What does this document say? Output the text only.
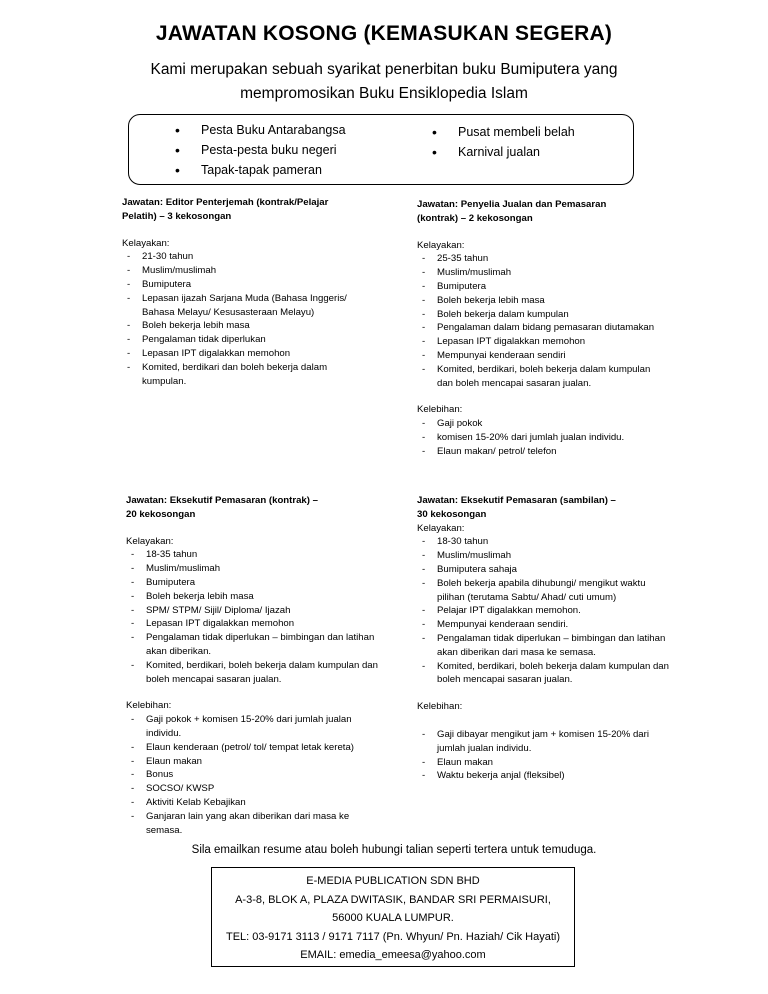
JAWATAN KOSONG (KEMASUKAN SEGERA)
Kami merupakan sebuah syarikat penerbitan buku Bumiputera yang
mempromosikan Buku Ensiklopedia Islam
• Pesta Buku Antarabangsa
• Pesta-pesta buku negeri
• Tapak-tapak pameran
• Pusat membeli belah
• Karnival jualan
Jawatan: Editor Penterjemah (kontrak/Pelajar
Pelatih) – 3 kekosongan
Kelayakan:
- 21-30 tahun
- Muslim/muslimah
- Bumiputera
- Lepasan ijazah Sarjana Muda (Bahasa Inggeris/ Bahasa Melayu/ Kesusasteraan Melayu)
- Boleh bekerja lebih masa
- Pengalaman tidak diperlukan
- Lepasan IPT digalakkan memohon
- Komited, berdikari dan boleh bekerja dalam kumpulan.
Jawatan: Penyelia Jualan dan Pemasaran
(kontrak) – 2 kekosongan
Kelayakan:
- 25-35 tahun
- Muslim/muslimah
- Bumiputera
- Boleh bekerja lebih masa
- Boleh bekerja dalam kumpulan
- Pengalaman dalam bidang pemasaran diutamakan
- Lepasan IPT digalakkan memohon
- Mempunyai kenderaan sendiri
- Komited, berdikari, boleh bekerja dalam kumpulan dan boleh mencapai sasaran jualan.
Kelebihan:
- Gaji pokok
- komisen 15-20% dari jumlah jualan individu.
- Elaun makan/ petrol/ telefon
Jawatan: Eksekutif Pemasaran (kontrak) –
20 kekosongan
Kelayakan:
- 18-35 tahun
- Muslim/muslimah
- Bumiputera
- Boleh bekerja lebih masa
- SPM/ STPM/ Sijil/ Diploma/ Ijazah
- Lepasan IPT digalakkan memohon
- Pengalaman tidak diperlukan – bimbingan dan latihan akan diberikan.
- Komited, berdikari, boleh bekerja dalam kumpulan dan boleh mencapai sasaran jualan.
Kelebihan:
- Gaji pokok + komisen 15-20% dari jumlah jualan individu.
- Elaun kenderaan (petrol/ tol/ tempat letak kereta)
- Elaun makan
- Bonus
- SOCSO/ KWSP
- Aktiviti Kelab Kebajikan
- Ganjaran lain yang akan diberikan dari masa ke semasa.
Jawatan: Eksekutif Pemasaran (sambilan) –
30 kekosongan
Kelayakan:
- 18-30 tahun
- Muslim/muslimah
- Bumiputera sahaja
- Boleh bekerja apabila dihubungi/ mengikut waktu pilihan (terutama Sabtu/ Ahad/ cuti umum)
- Pelajar IPT digalakkan memohon.
- Mempunyai kenderaan sendiri.
- Pengalaman tidak diperlukan – bimbingan dan latihan akan diberikan dari masa ke semasa.
- Komited, berdikari, boleh bekerja dalam kumpulan dan boleh mencapai sasaran jualan.
Kelebihan:
- Gaji dibayar mengikut jam + komisen 15-20% dari jumlah jualan individu.
- Elaun makan
- Waktu bekerja anjal (fleksibel)
Sila emailkan resume atau boleh hubungi talian seperti tertera untuk temuduga.
E-MEDIA PUBLICATION SDN BHD
A-3-8, BLOK A, PLAZA DWITASIK, BANDAR SRI PERMAISURI,
56000 KUALA LUMPUR.
TEL: 03-9171 3113 / 9171 7117 (Pn. Whyun/ Pn. Haziah/ Cik Hayati)
EMAIL: emedia_emeesa@yahoo.com
